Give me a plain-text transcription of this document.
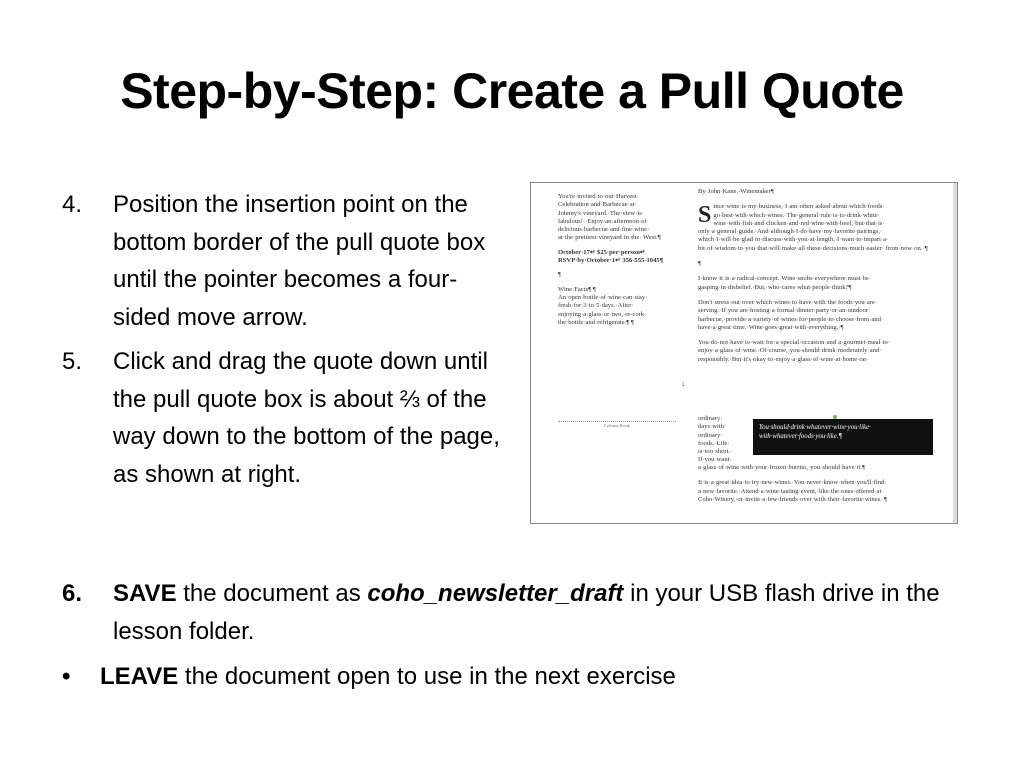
Step-by-Step: Create a Pull Quote
4.	Position the insertion point on the bottom border of the pull quote box until the pointer becomes a four-sided move arrow.
5.	Click and drag the quote down until the pull quote box is about ⅔ of the way down to the bottom of the page, as shown at right.
6.	SAVE the document as coho_newsletter_draft in your USB flash drive in the lesson folder.
•	LEAVE the document open to use in the next exercise

You're·invited·to·our·Harvest· Celebration·and·Barbecue·at· Johnny's·vineyard.·The·view·is· fabulous!··Enjoy·an·afternoon·of· delicious·barbecue·and·fine·wine· at·the·prettiest·vineyard·in·the· West.¶

October·17↵ $25·per·person↵ RSVP·by·October·1↵ 356-555-1045¶

¶

Wine·Facts¶ ¶ An·open·bottle·of·wine·can·stay· fresh·for·3·to·5·days.·After· enjoying·a·glass·or·two,·re-cork· the·bottle·and·refrigerate.¶ ¶

Column Break
↓

By·John·Kane,·Winemaker¶

Since·wine·is·my·business,·I·am·often·asked·about·which·foods· go·best·with·which·wines.·The·general·rule·is·to·drink·white· wine·with·fish·and·chicken·and·red·wine·with·beef,·but·that·is· only·a·general·guide.·And·although·I·do·have·my·favorite·pairings,· which·I·will·be·glad·to·discuss·with·you·at·length,·I·want·to·impart·a· bit·of·wisdom·to·you·that·will·make·all·these·decisions·much·easier· from·now·on.·¶

¶

I·know·it·is·a·radical·concept.·Wine·snobs·everywhere·must·be· gasping·in·disbelief.·But,·who·cares·what·people·think?¶

Don't·stress·out·over·which·wines·to·have·with·the·foods·you·are· serving.·If·you·are·hosting·a·formal·dinner·party·or·an·outdoor· barbecue,·provide·a·variety·of·wines·for·people·to·choose·from·and· have·a·great·time.·Wine·goes·great·with·everything.·¶

You·do·not·have·to·wait·for·a·special·occasion·and·a·gourmet·meal·to· enjoy·a·glass·of·wine.·Of·course,·you·should·drink·moderately·and· responsibly.·But·it's·okay·to·enjoy·a·glass·of·wine·at·home·on·

ordinary· days·with· ordinary· foods.·Life· is·too·short.· If·you·want·
You·should·drink·whatever·wine·you·like· with·whatever·foods·you·like.¶

a·glass·of·wine·with·your·frozen·burrito,·you·should·have·it.¶

It·is·a·great·idea·to·try·new·wines.·You·never·know·when·you'll·find· a·new·favorite.·Attend·a·wine·tasting·event,·like·the·ones·offered·at· Coho·Winery,·or·invite·a·few·friends·over·with·their·favorite·wines.·¶
